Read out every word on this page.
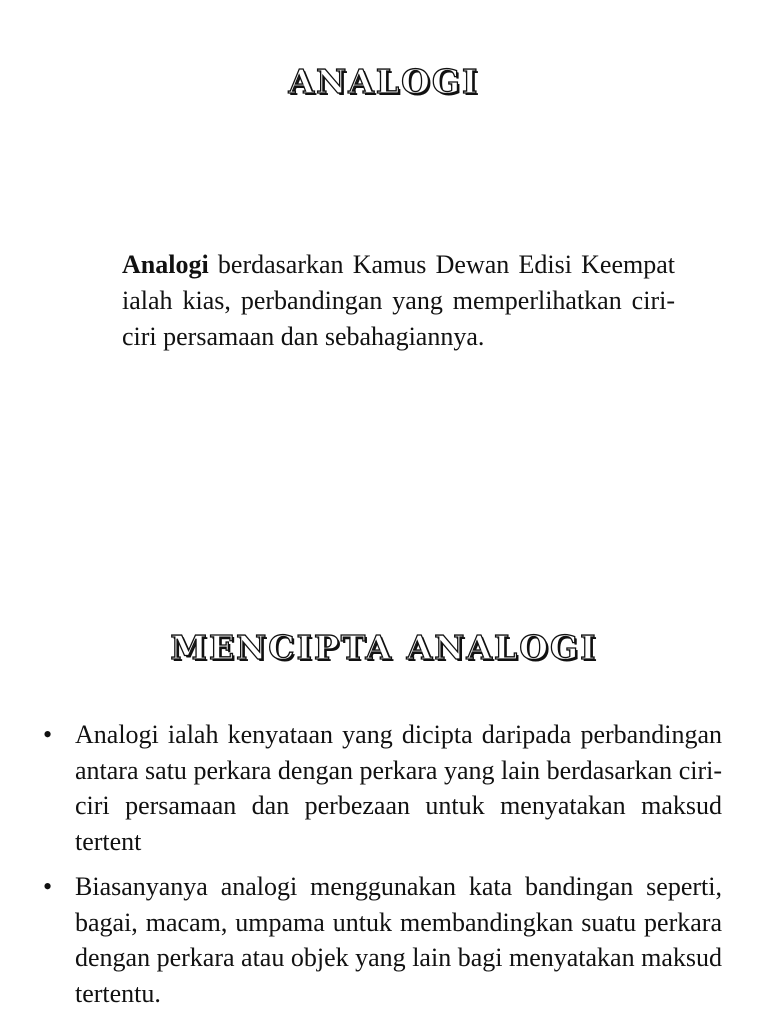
ANALOGI

Analogi berdasarkan Kamus Dewan Edisi Keempat ialah kias, perbandingan yang memperlihatkan ciri-ciri persamaan dan sebahagiannya.

MENCIPTA ANALOGI
• Analogi ialah kenyataan yang dicipta daripada perbandingan antara satu perkara dengan perkara yang lain berdasarkan ciri-ciri persamaan dan perbezaan untuk menyatakan maksud tertent
• Biasanyanya analogi menggunakan kata bandingan seperti, bagai, macam, umpama untuk membandingkan suatu perkara dengan perkara atau objek yang lain bagi menyatakan maksud tertentu.
